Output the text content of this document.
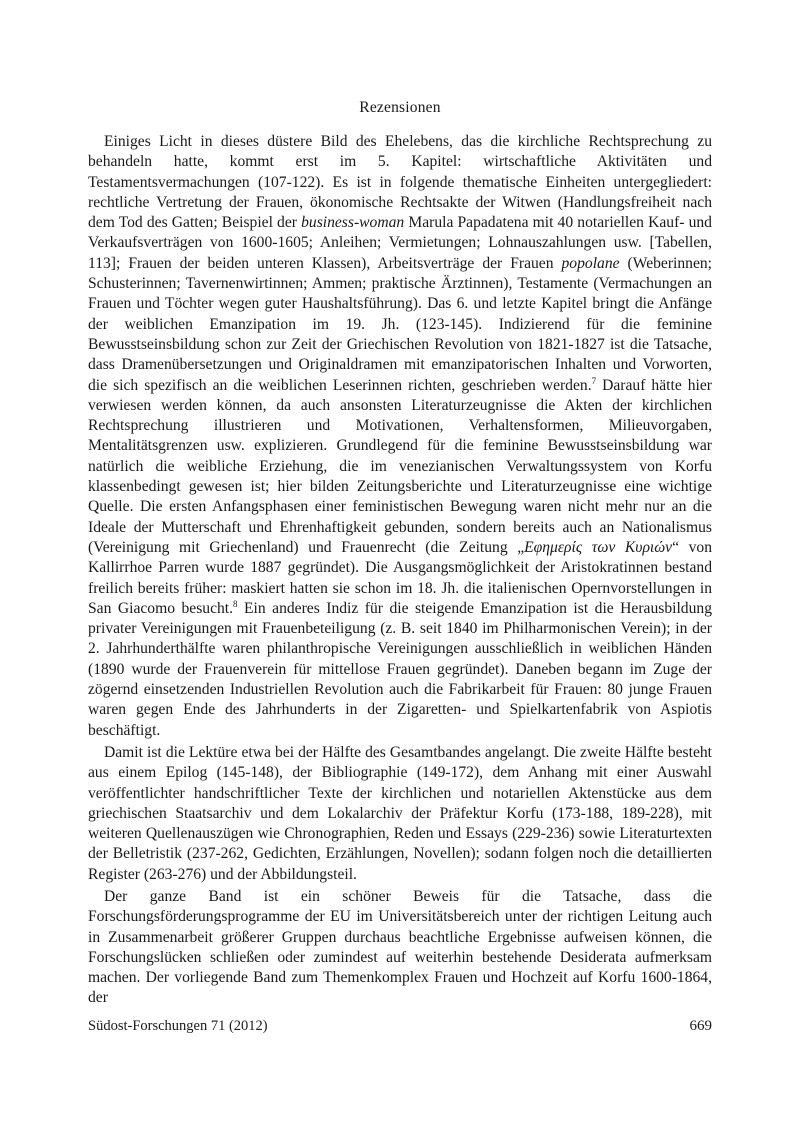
Rezensionen

Einiges Licht in dieses düstere Bild des Ehelebens, das die kirchliche Rechtsprechung zu behandeln hatte, kommt erst im 5. Kapitel: wirtschaftliche Aktivitäten und Testamentsvermachungen (107-122). Es ist in folgende thematische Einheiten untergegliedert: rechtliche Vertretung der Frauen, ökonomische Rechtsakte der Witwen (Handlungsfreiheit nach dem Tod des Gatten; Beispiel der business-woman Marula Papadatena mit 40 notariellen Kauf- und Verkaufsverträgen von 1600-1605; Anleihen; Vermietungen; Lohnauszahlungen usw. [Tabellen, 113]; Frauen der beiden unteren Klassen), Arbeitsverträge der Frauen popolane (Weberinnen; Schusterinnen; Tavernenwirtinnen; Ammen; praktische Ärztinnen), Testamente (Vermachungen an Frauen und Töchter wegen guter Haushaltsführung). Das 6. und letzte Kapitel bringt die Anfänge der weiblichen Emanzipation im 19. Jh. (123-145). Indizierend für die feminine Bewusstseinsbildung schon zur Zeit der Griechischen Revolution von 1821-1827 ist die Tatsache, dass Dramenübersetzungen und Originaldramen mit emanzipatorischen Inhalten und Vorworten, die sich spezifisch an die weiblichen Leserinnen richten, geschrieben werden.$^7$ Darauf hätte hier verwiesen werden können, da auch ansonsten Literaturzeugnisse die Akten der kirchlichen Rechtsprechung illustrieren und Motivationen, Verhaltensformen, Milieuvorgaben, Mentalitätsgrenzen usw. explizieren. Grundlegend für die feminine Bewusstseinsbildung war natürlich die weibliche Erziehung, die im venezianischen Verwaltungssystem von Korfu klassenbedingt gewesen ist; hier bilden Zeitungsberichte und Literaturzeugnisse eine wichtige Quelle. Die ersten Anfangsphasen einer feministischen Bewegung waren nicht mehr nur an die Ideale der Mutterschaft und Ehrenhaftigkeit gebunden, sondern bereits auch an Nationalismus (Vereinigung mit Griechenland) und Frauenrecht (die Zeitung „Εφημερίς των Κυριών“ von Kallirrhoe Parren wurde 1887 gegründet). Die Ausgangsmöglichkeit der Aristokratinnen bestand freilich bereits früher: maskiert hatten sie schon im 18. Jh. die italienischen Opernvorstellungen in San Giacomo besucht.$^8$ Ein anderes Indiz für die steigende Emanzipation ist die Herausbildung privater Vereinigungen mit Frauenbeteiligung (z. B. seit 1840 im Philharmonischen Verein); in der 2. Jahrhunderthälfte waren philanthropische Vereinigungen ausschließlich in weiblichen Händen (1890 wurde der Frauenverein für mittellose Frauen gegründet). Daneben begann im Zuge der zögernd einsetzenden Industriellen Revolution auch die Fabrikarbeit für Frauen: 80 junge Frauen waren gegen Ende des Jahrhunderts in der Zigaretten- und Spielkartenfabrik von Aspiotis beschäftigt.

Damit ist die Lektüre etwa bei der Hälfte des Gesamtbandes angelangt. Die zweite Hälfte besteht aus einem Epilog (145-148), der Bibliographie (149-172), dem Anhang mit einer Auswahl veröffentlichter handschriftlicher Texte der kirchlichen und notariellen Aktenstücke aus dem griechischen Staatsarchiv und dem Lokalarchiv der Präfektur Korfu (173-188, 189-228), mit weiteren Quellenauszügen wie Chronographien, Reden und Essays (229-236) sowie Literaturtexten der Belletristik (237-262, Gedichten, Erzählungen, Novellen); sodann folgen noch die detaillierten Register (263-276) und der Abbildungsteil.

Der ganze Band ist ein schöner Beweis für die Tatsache, dass die Forschungsförderungsprogramme der EU im Universitätsbereich unter der richtigen Leitung auch in Zusammenarbeit größerer Gruppen durchaus beachtliche Ergebnisse aufweisen können, die Forschungslücken schließen oder zumindest auf weiterhin bestehende Desiderata aufmerksam machen. Der vorliegende Band zum Themenkomplex Frauen und Hochzeit auf Korfu 1600-1864, der

Südost-Forschungen 71 (2012)	669
